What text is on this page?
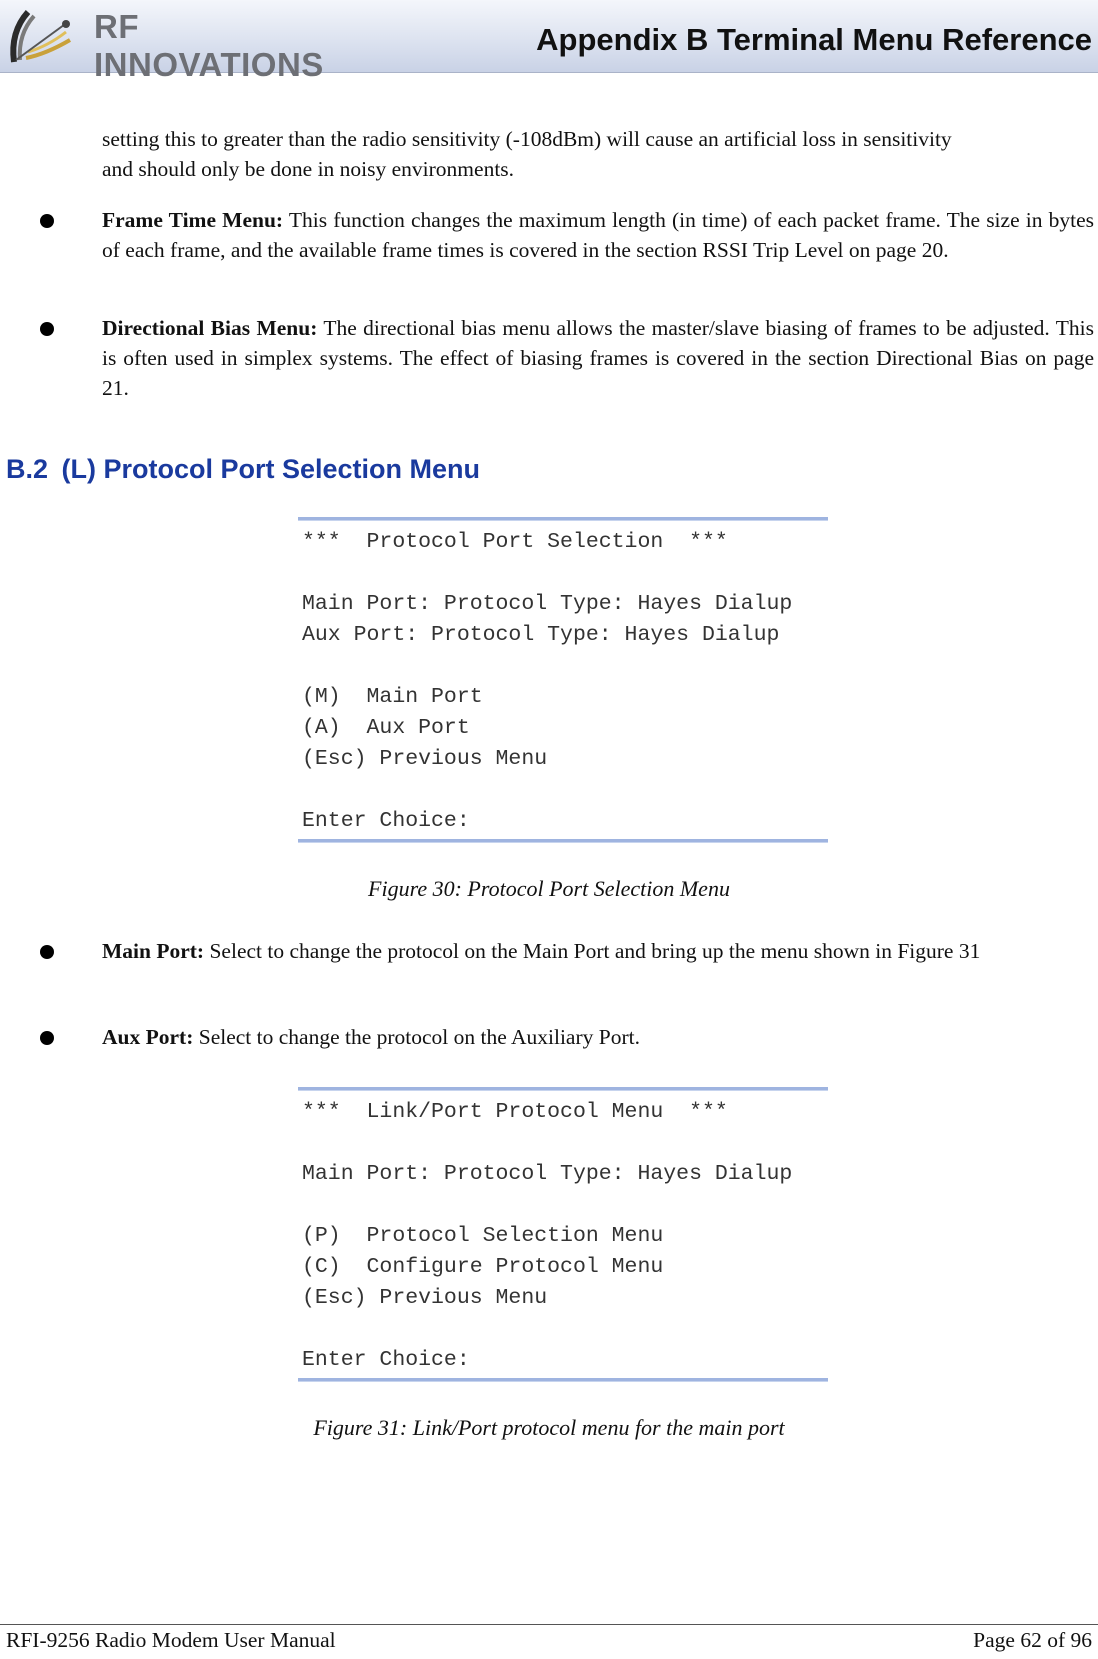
RF INNOVATIONS
Appendix B Terminal Menu Reference
setting this to greater than the radio sensitivity (-108dBm) will cause an artificial loss in sensitivity
and should only be done in noisy environments.
Frame Time Menu: This function changes the maximum length (in time) of each packet frame. The size in bytes of each frame, and the available frame times is covered in the section RSSI Trip Level on page 20.
Directional Bias Menu: The directional bias menu allows the master/slave biasing of frames to be adjusted. This is often used in simplex systems. The effect of biasing frames is covered in the section Directional Bias on page 21.
B.2 (L) Protocol Port Selection Menu
***  Protocol Port Selection  ***
Main Port: Protocol Type: Hayes Dialup
Aux Port: Protocol Type: Hayes Dialup
(M)  Main Port
(A)  Aux Port
(Esc) Previous Menu
Enter Choice:
Figure 30: Protocol Port Selection Menu
Main Port: Select to change the protocol on the Main Port and bring up the menu shown in Figure 31
Aux Port: Select to change the protocol on the Auxiliary Port.
***  Link/Port Protocol Menu  ***
Main Port: Protocol Type: Hayes Dialup
(P)  Protocol Selection Menu
(C)  Configure Protocol Menu
(Esc) Previous Menu
Enter Choice:
Figure 31: Link/Port protocol menu for the main port
RFI-9256 Radio Modem User Manual	Page 62 of 96
